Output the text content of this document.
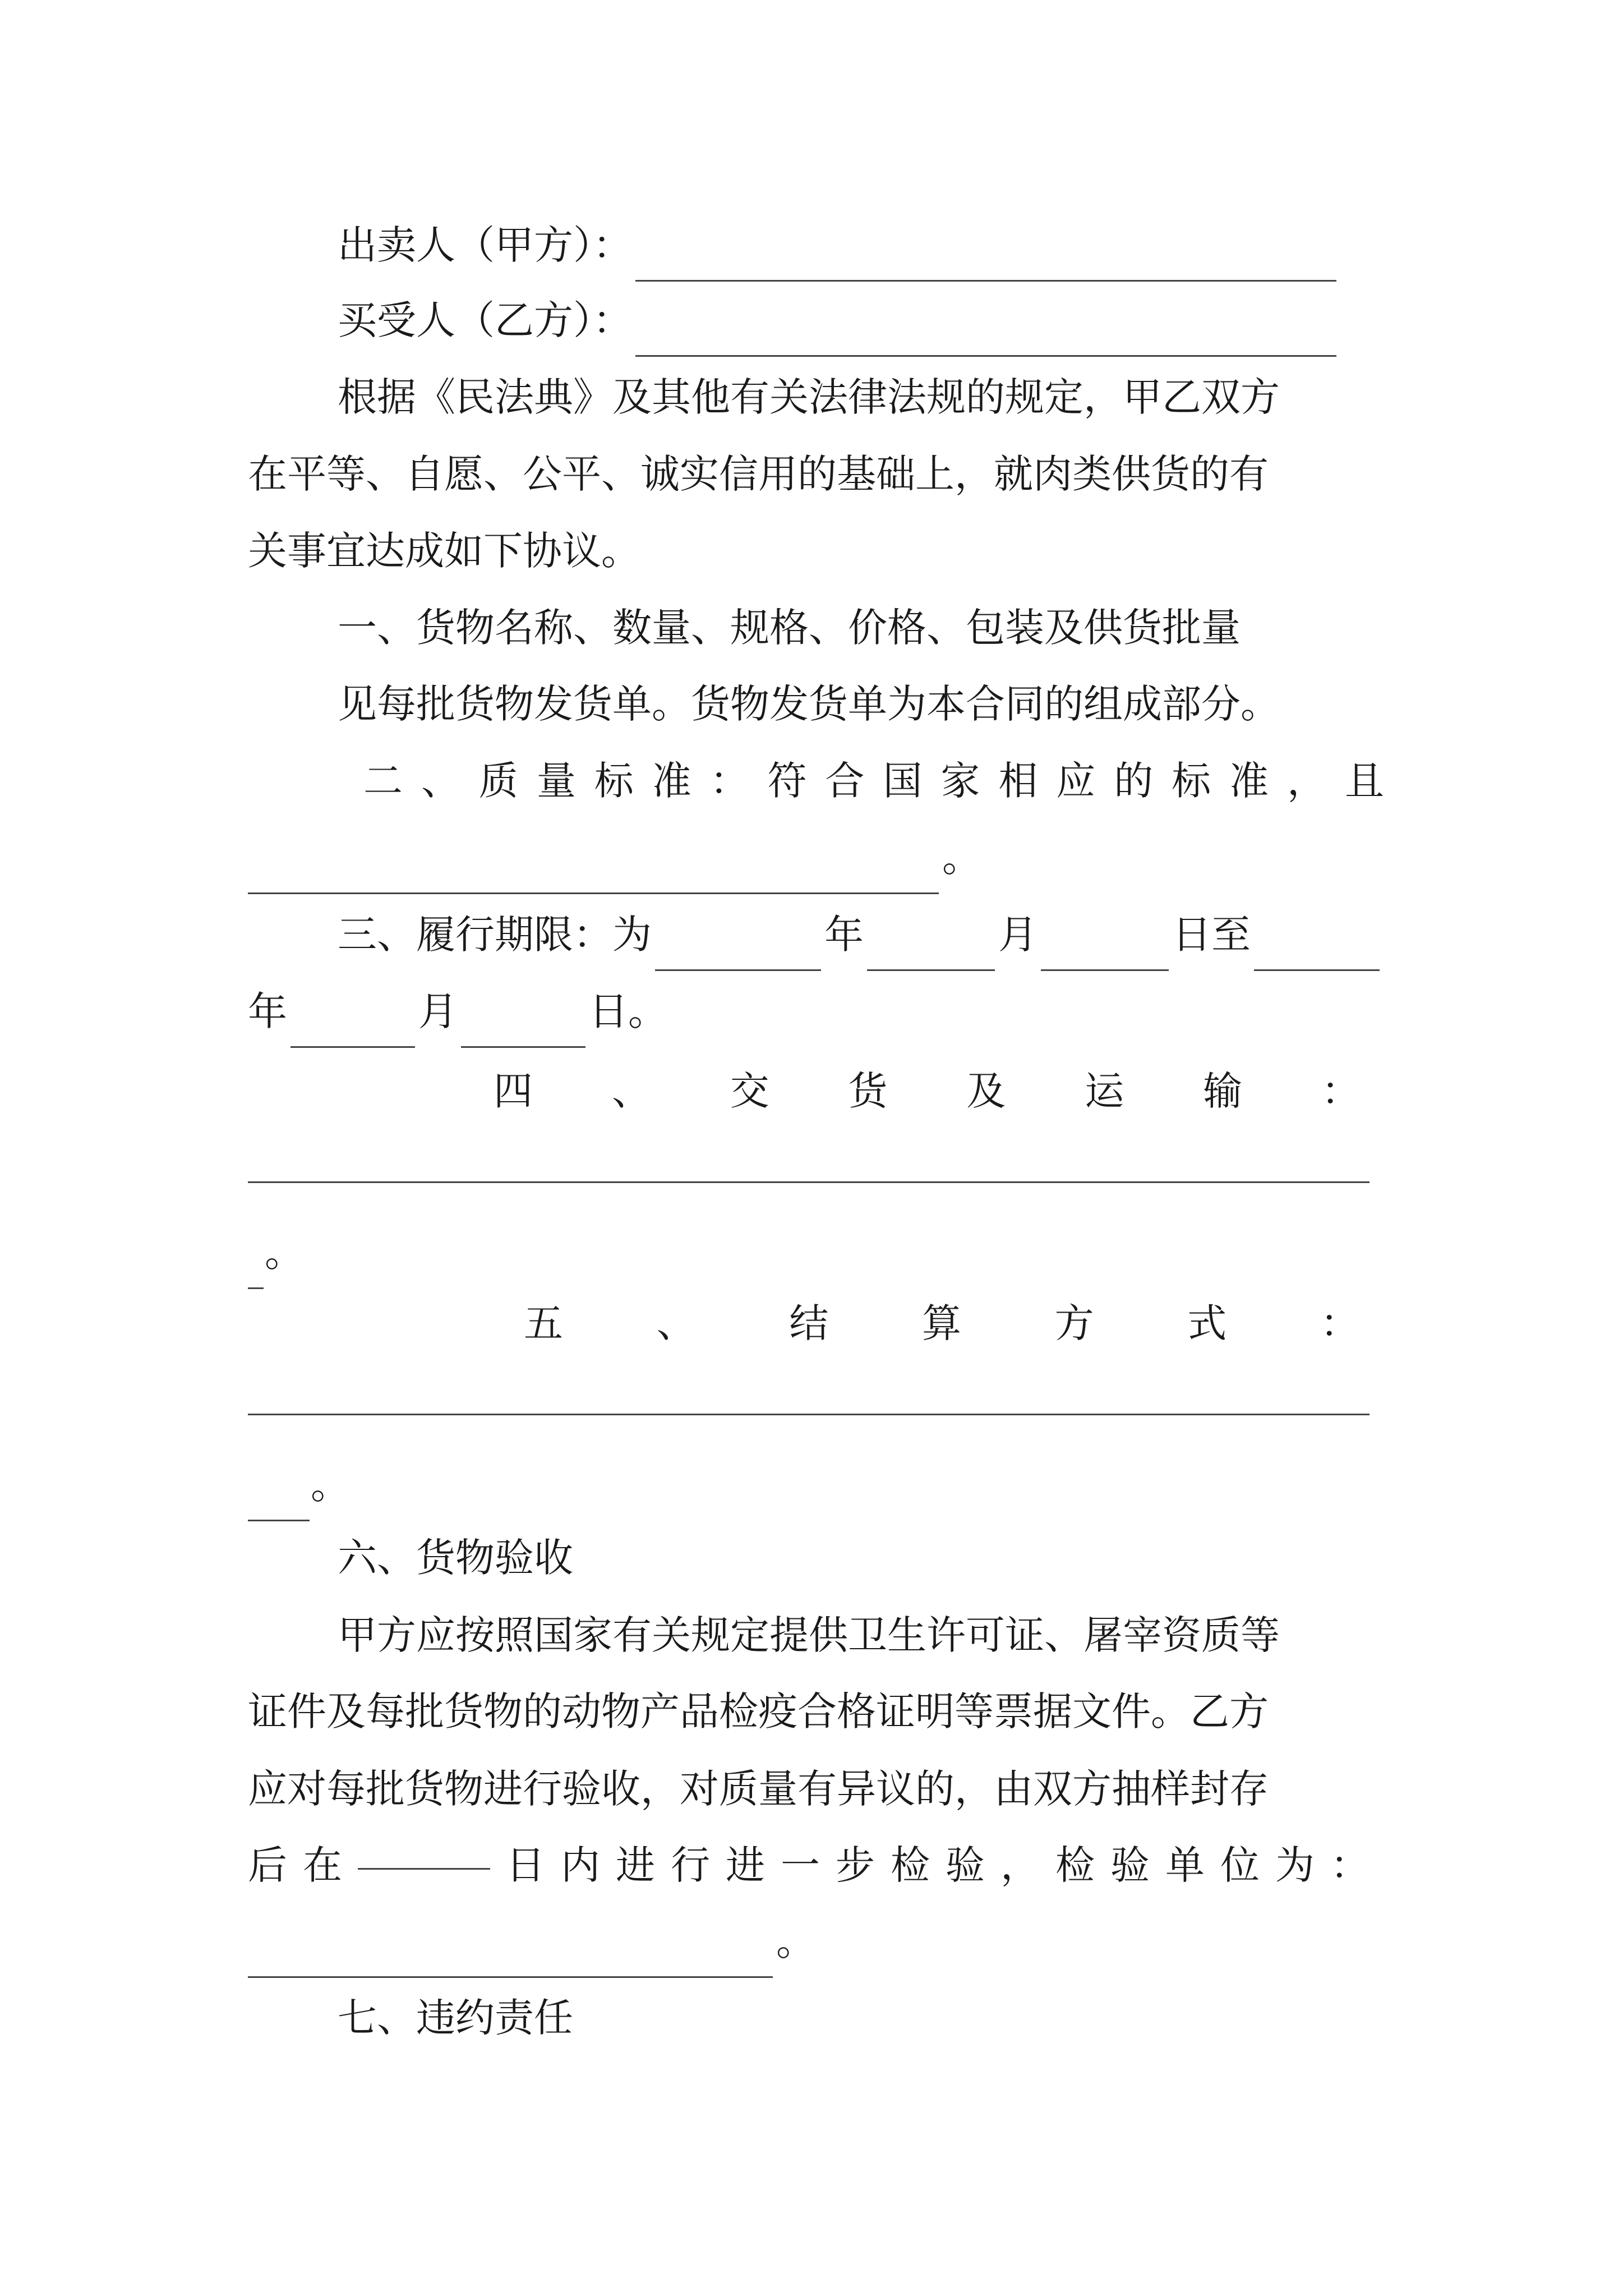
出卖人（甲方）：
买受人（乙方）：
根据《民法典》及其他有关法律法规的规定，甲乙双方
在平等、自愿、公平、诚实信用的基础上，就肉类供货的有
关事宜达成如下协议。
一、货物名称、数量、规格、价格、包装及供货批量
见每批货物发货单。货物发货单为本合同的组成部分。
二 、 质 量 标 准 ： 符 合 国 家 相 应 的 标 准 ， 且
。
三、履行期限：为	年	月	日至
年	月	日。
四 、 交 货 及 运 输 ：
。
五 、 结 算 方 式 ：
。
六、货物验收
甲方应按照国家有关规定提供卫生许可证、屠宰资质等
证件及每批货物的动物产品检疫合格证明等票据文件。乙方
应对每批货物进行验收，对质量有异议的，由双方抽样封存
后 在	日 内 进 行 进 一 步 检 验 ， 检 验 单 位 为 ：
。
七、违约责任
